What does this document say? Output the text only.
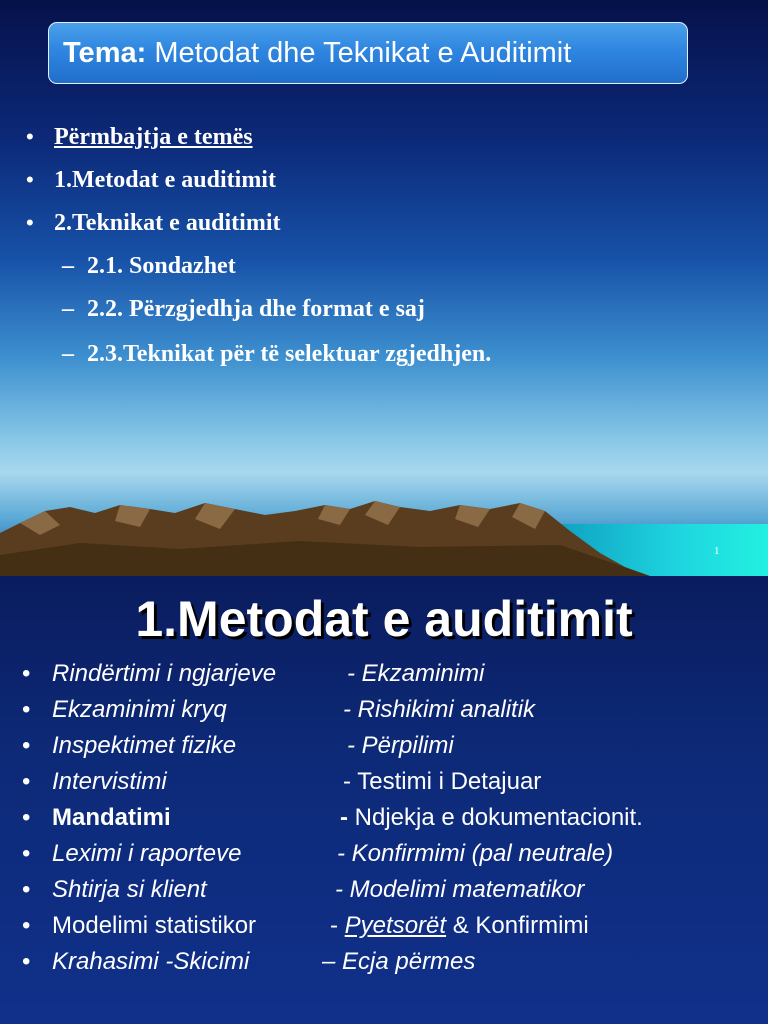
Tema: Metodat dhe Teknikat e Auditimit
• Përmbajtja e temës
• 1.Metodat e auditimit
• 2.Teknikat e auditimit
– 2.1. Sondazhet
– 2.2. Përzgjedhja dhe format e saj
– 2.3.Teknikat për të selektuar zgjedhjen.
1
1.Metodat e auditimit
• Rindërtimi i ngjarjeve	- Ekzaminimi
• Ekzaminimi kryq	- Rishikimi analitik
• Inspektimet fizike	- Përpilimi
• Intervistimi	- Testimi i Detajuar
• Mandatimi	- Ndjekja e dokumentacionit.
• Leximi i raporteve	- Konfirmimi (pal neutrale)
• Shtirja si klient	- Modelimi matematikor
• Modelimi statistikor	- Pyetsorët & Konfirmimi
• Krahasimi -Skicimi	– Ecja përmes
